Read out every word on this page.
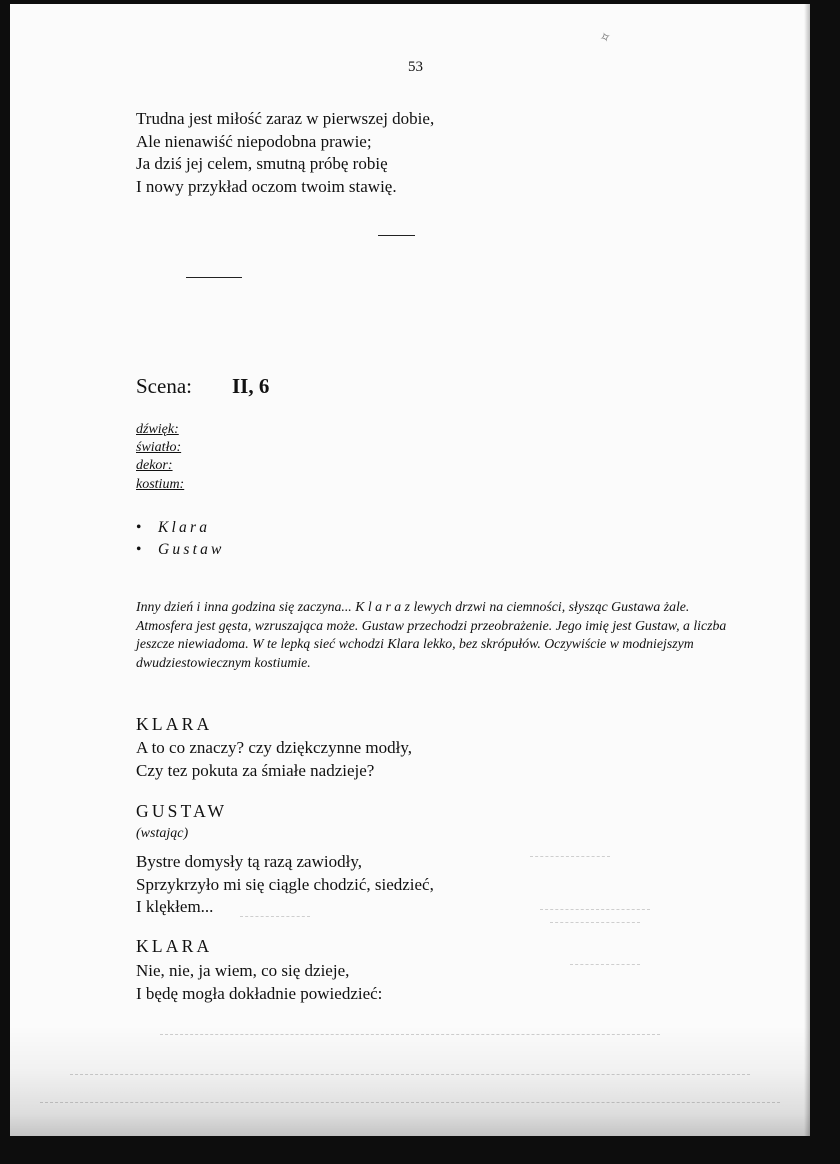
✧
53
Trudna jest miłość zaraz w pierwszej dobie,
Ale nienawiść niepodobna prawie;
Ja dziś jej celem, smutną próbę robię
I nowy przykład oczom twoim stawię.
Scena: II, 6
dźwięk:
światło:
dekor:
kostium:
• Klara
• Gustaw

Inny dzień i inna godzina się zaczyna... K l a r a z lewych drzwi na ciemności, słysząc Gustawa żale.

Atmosfera jest gęsta, wzruszająca może. Gustaw przechodzi przeobrażenie. Jego imię jest Gustaw, a liczba jeszcze niewiadoma. W te lepką sieć wchodzi Klara lekko, bez skrópułów. Oczywiście w modniejszym dwudziestowiecznym kostiumie.

KLARA
A to co znaczy? czy dziękczynne modły,
Czy tez pokuta za śmiałe nadzieje?
GUSTAW
(wstając)
Bystre domysły tą razą zawiodły,
Sprzykrzyło mi się ciągle chodzić, siedzieć,
I klękłem...
KLARA
Nie, nie, ja wiem, co się dzieje,
I będę mogła dokładnie powiedzieć:
